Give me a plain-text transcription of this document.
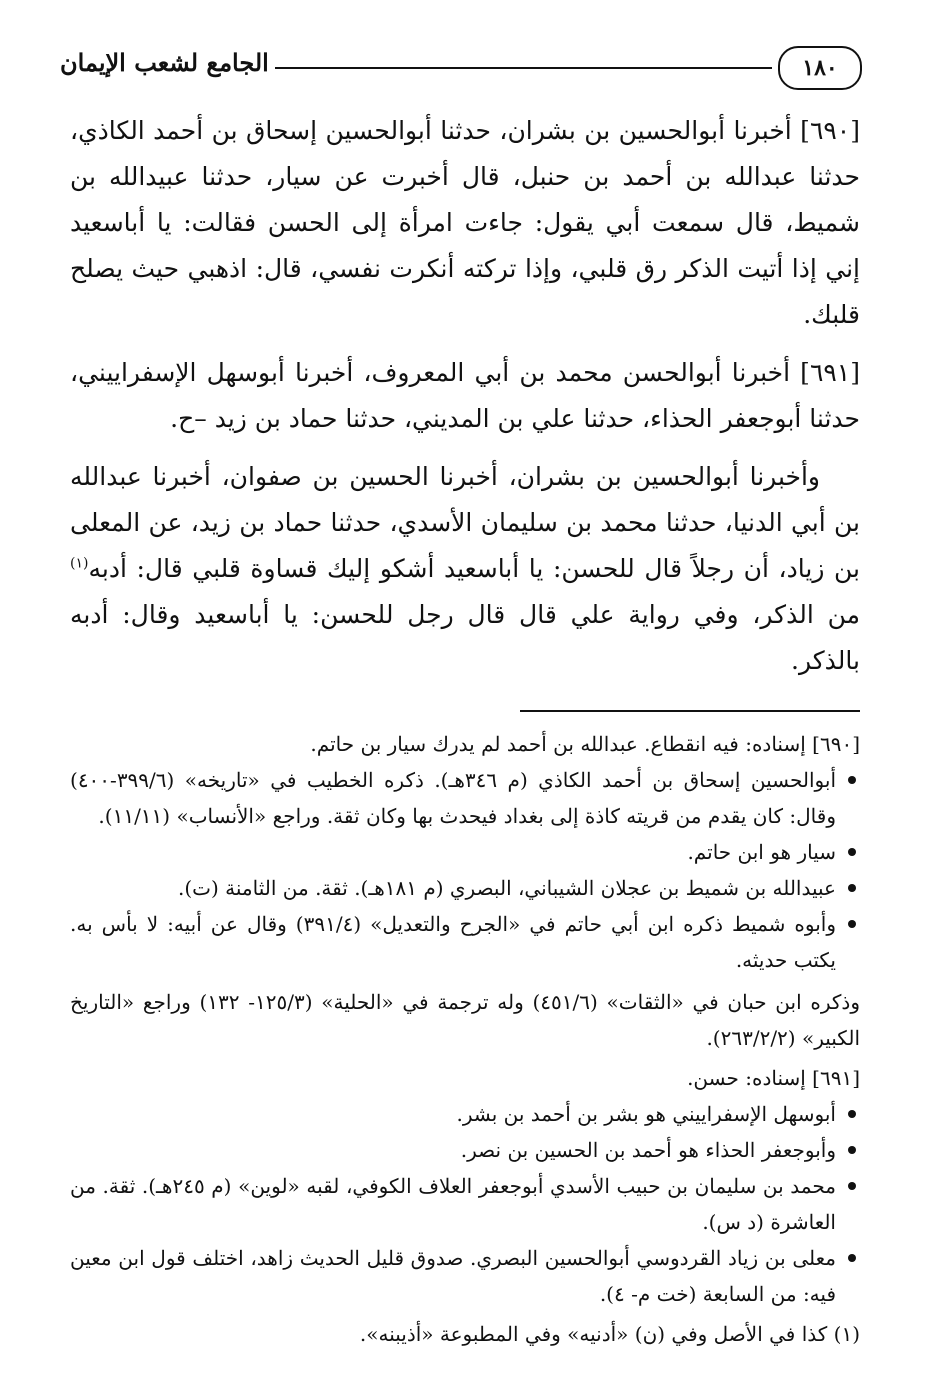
١٨٠
الجامع لشعب الإيمان

[٦٩٠] أخبرنا أبوالحسين بن بشران، حدثنا أبوالحسين إسحاق بن أحمد الكاذي، حدثنا عبدالله بن أحمد بن حنبل، قال أخبرت عن سيار، حدثنا عبيدالله بن شميط، قال سمعت أبي يقول: جاءت امرأة إلى الحسن فقالت: يا أباسعيد إني إذا أتيت الذكر رق قلبي، وإذا تركته أنكرت نفسي، قال: اذهبي حيث يصلح قلبك.

[٦٩١] أخبرنا أبوالحسن محمد بن أبي المعروف، أخبرنا أبوسهل الإسفراييني، حدثنا أبوجعفر الحذاء، حدثنا علي بن المديني، حدثنا حماد بن زيد –ح.

وأخبرنا أبوالحسين بن بشران، أخبرنا الحسين بن صفوان، أخبرنا عبدالله بن أبي الدنيا، حدثنا محمد بن سليمان الأسدي، حدثنا حماد بن زيد، عن المعلى بن زياد، أن رجلاً قال للحسن: يا أباسعيد أشكو إليك قساوة قلبي قال: أدبه$^{(١)}$ من الذكر، وفي رواية علي قال قال رجل للحسن: يا أباسعيد وقال: أدبه بالذكر.

[٦٩٠] إسناده: فيه انقطاع. عبدالله بن أحمد لم يدرك سيار بن حاتم.

أبوالحسين إسحاق بن أحمد الكاذي (م ٣٤٦هـ). ذكره الخطيب في «تاريخه» (٣٩٩/٦-٤٠٠) وقال: كان يقدم من قريته كاذة إلى بغداد فيحدث بها وكان ثقة. وراجع «الأنساب» (١١/١١).
سيار هو ابن حاتم.
عبيدالله بن شميط بن عجلان الشيباني، البصري (م ١٨١هـ). ثقة. من الثامنة (ت).
وأبوه شميط ذكره ابن أبي حاتم في «الجرح والتعديل» (٣٩١/٤) وقال عن أبيه: لا بأس به. يكتب حديثه.

وذكره ابن حبان في «الثقات» (٤٥١/٦) وله ترجمة في «الحلية» (١٢٥/٣- ١٣٢) وراجع «التاريخ الكبير» (٢٦٣/٢/٢).

[٦٩١] إسناده: حسن.

أبوسهل الإسفراييني هو بشر بن أحمد بن بشر.
وأبوجعفر الحذاء هو أحمد بن الحسين بن نصر.
محمد بن سليمان بن حبيب الأسدي أبوجعفر العلاف الكوفي، لقبه «لوين» (م ٢٤٥هـ). ثقة. من العاشرة (د س).
معلى بن زياد القردوسي أبوالحسين البصري. صدوق قليل الحديث زاهد، اختلف قول ابن معين فيه: من السابعة (خت م- ٤).

(١) كذا في الأصل وفي (ن) «أدنيه» وفي المطبوعة «أذيبنه».
